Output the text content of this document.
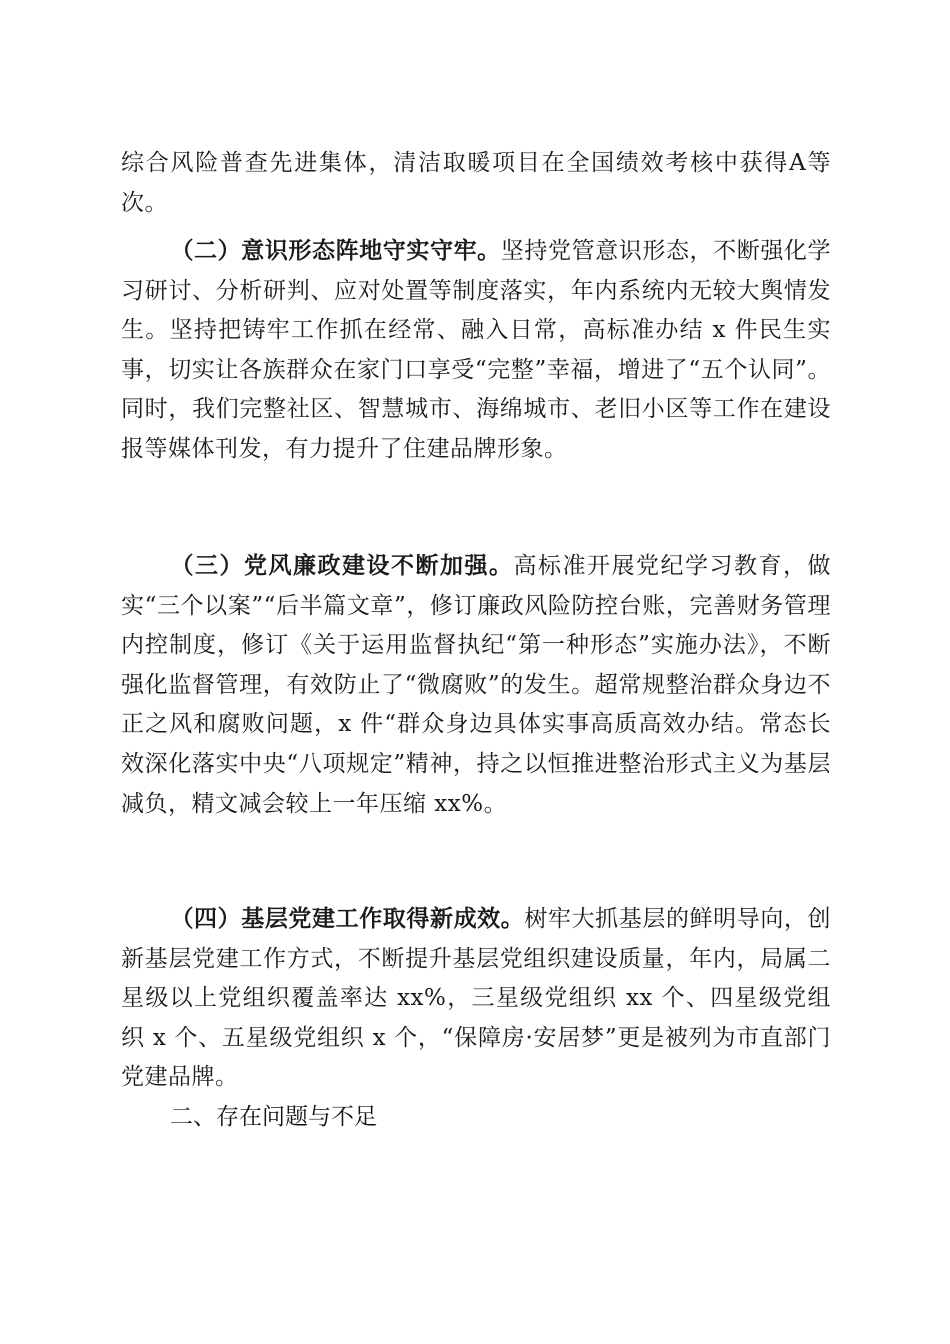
综合风险普查先进集体，清洁取暖项目在全国绩效考核中获得A等次。

（二）意识形态阵地守实守牢。坚持党管意识形态，不断强化学习研讨、分析研判、应对处置等制度落实，年内系统内无较大舆情发生。坚持把铸牢工作抓在经常、融入日常，高标准办结 x 件民生实事，切实让各族群众在家门口享受“完整”幸福，增进了“五个认同”。同时，我们完整社区、智慧城市、海绵城市、老旧小区等工作在建设报等媒体刊发，有力提升了住建品牌形象。

（三）党风廉政建设不断加强。高标准开展党纪学习教育，做实“三个以案”“后半篇文章”，修订廉政风险防控台账，完善财务管理内控制度，修订《关于运用监督执纪“第一种形态”实施办法》，不断强化监督管理，有效防止了“微腐败”的发生。超常规整治群众身边不正之风和腐败问题，x 件“群众身边具体实事高质高效办结。常态长效深化落实中央“八项规定”精神，持之以恒推进整治形式主义为基层减负，精文减会较上一年压缩 xx%。

（四）基层党建工作取得新成效。树牢大抓基层的鲜明导向，创新基层党建工作方式，不断提升基层党组织建设质量，年内，局属二星级以上党组织覆盖率达 xx%，三星级党组织 xx 个、四星级党组织 x 个、五星级党组织 x 个，“保障房·安居梦”更是被列为市直部门党建品牌。

二、存在问题与不足
